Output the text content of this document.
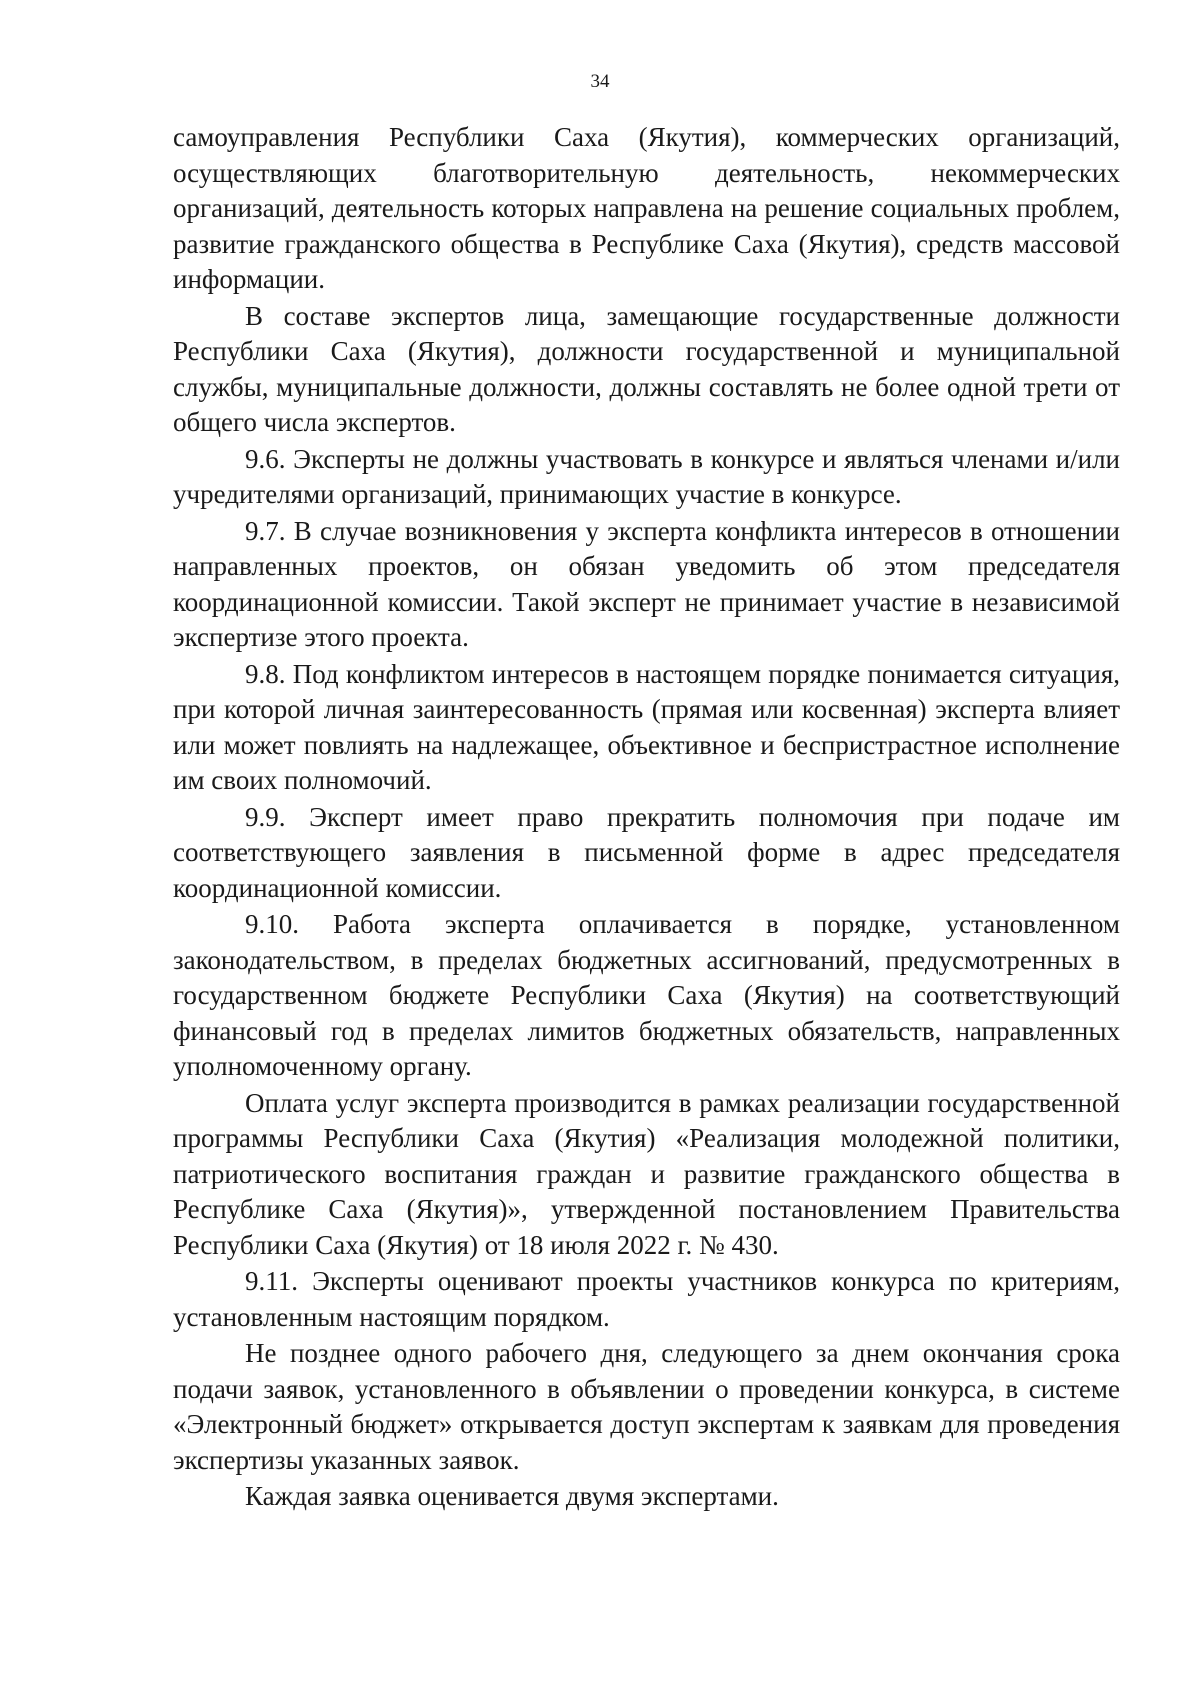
34

самоуправления Республики Саха (Якутия), коммерческих организаций, осуществляющих благотворительную деятельность, некоммерческих организаций, деятельность которых направлена на решение социальных проблем, развитие гражданского общества в Республике Саха (Якутия), средств массовой информации.

В составе экспертов лица, замещающие государственные должности Республики Саха (Якутия), должности государственной и муниципальной службы, муниципальные должности, должны составлять не более одной трети от общего числа экспертов.

9.6. Эксперты не должны участвовать в конкурсе и являться членами и/или учредителями организаций, принимающих участие в конкурсе.

9.7. В случае возникновения у эксперта конфликта интересов в отношении направленных проектов, он обязан уведомить об этом председателя координационной комиссии. Такой эксперт не принимает участие в независимой экспертизе этого проекта.

9.8. Под конфликтом интересов в настоящем порядке понимается ситуация, при которой личная заинтересованность (прямая или косвенная) эксперта влияет или может повлиять на надлежащее, объективное и беспристрастное исполнение им своих полномочий.

9.9. Эксперт имеет право прекратить полномочия при подаче им соответствующего заявления в письменной форме в адрес председателя координационной комиссии.

9.10. Работа эксперта оплачивается в порядке, установленном законодательством, в пределах бюджетных ассигнований, предусмотренных в государственном бюджете Республики Саха (Якутия) на соответствующий финансовый год в пределах лимитов бюджетных обязательств, направленных уполномоченному органу.

Оплата услуг эксперта производится в рамках реализации государственной программы Республики Саха (Якутия) «Реализация молодежной политики, патриотического воспитания граждан и развитие гражданского общества в Республике Саха (Якутия)», утвержденной постановлением Правительства Республики Саха (Якутия) от 18 июля 2022 г. № 430.

9.11. Эксперты оценивают проекты участников конкурса по критериям, установленным настоящим порядком.

Не позднее одного рабочего дня, следующего за днем окончания срока подачи заявок, установленного в объявлении о проведении конкурса, в системе «Электронный бюджет» открывается доступ экспертам к заявкам для проведения экспертизы указанных заявок.

Каждая заявка оценивается двумя экспертами.
